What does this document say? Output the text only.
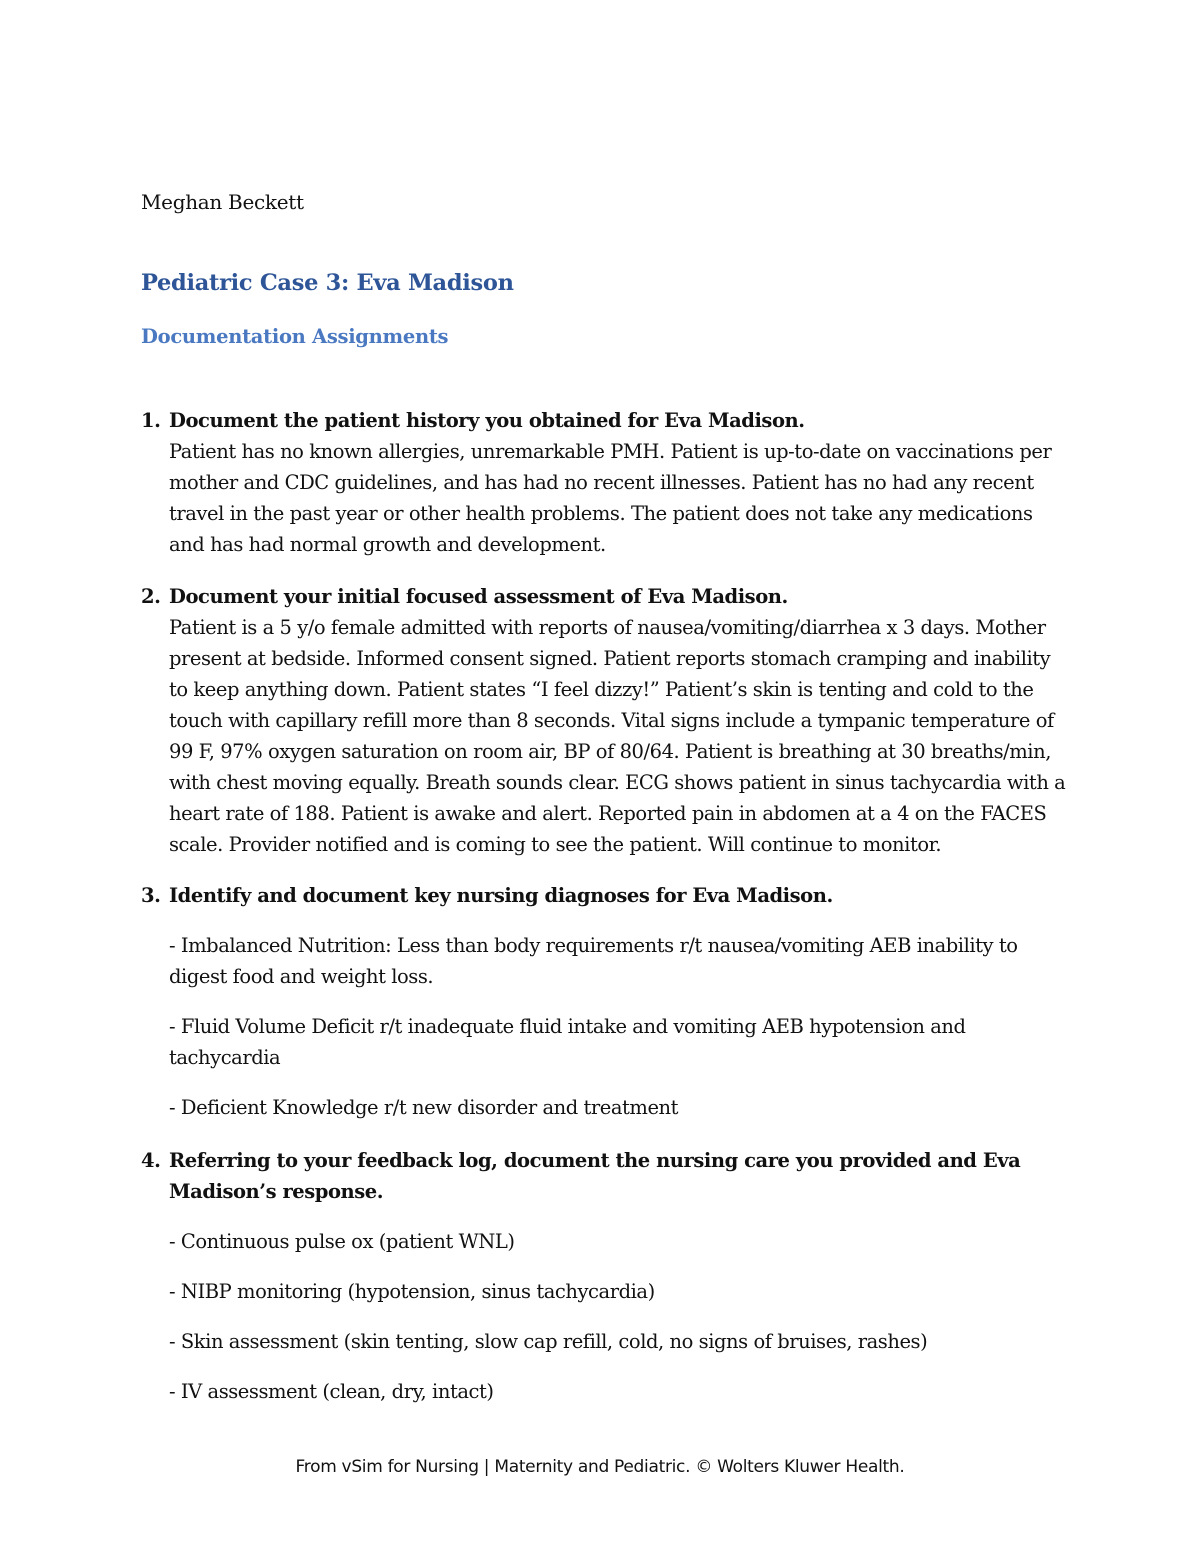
Meghan Beckett
Pediatric Case 3: Eva Madison
Documentation Assignments
1. Document the patient history you obtained for Eva Madison.

Patient has no known allergies, unremarkable PMH. Patient is up-to-date on vaccinations per mother and CDC guidelines, and has had no recent illnesses. Patient has no had any recent travel in the past year or other health problems. The patient does not take any medications and has had normal growth and development.

2. Document your initial focused assessment of Eva Madison.

Patient is a 5 y/o female admitted with reports of nausea/vomiting/diarrhea x 3 days. Mother present at bedside. Informed consent signed. Patient reports stomach cramping and inability to keep anything down. Patient states “I feel dizzy!” Patient’s skin is tenting and cold to the touch with capillary refill more than 8 seconds. Vital signs include a tympanic temperature of 99 F, 97% oxygen saturation on room air, BP of 80/64. Patient is breathing at 30 breaths/min, with chest moving equally. Breath sounds clear. ECG shows patient in sinus tachycardia with a heart rate of 188. Patient is awake and alert. Reported pain in abdomen at a 4 on the FACES scale. Provider notified and is coming to see the patient. Will continue to monitor.

3. Identify and document key nursing diagnoses for Eva Madison.
- Imbalanced Nutrition: Less than body requirements r/t nausea/vomiting AEB inability to digest food and weight loss.
- Fluid Volume Deficit r/t inadequate fluid intake and vomiting AEB hypotension and tachycardia
- Deficient Knowledge r/t new disorder and treatment
4. Referring to your feedback log, document the nursing care you provided and Eva Madison’s response.
- Continuous pulse ox (patient WNL)
- NIBP monitoring (hypotension, sinus tachycardia)
- Skin assessment (skin tenting, slow cap refill, cold, no signs of bruises, rashes)
- IV assessment (clean, dry, intact)
From vSim for Nursing | Maternity and Pediatric. © Wolters Kluwer Health.
